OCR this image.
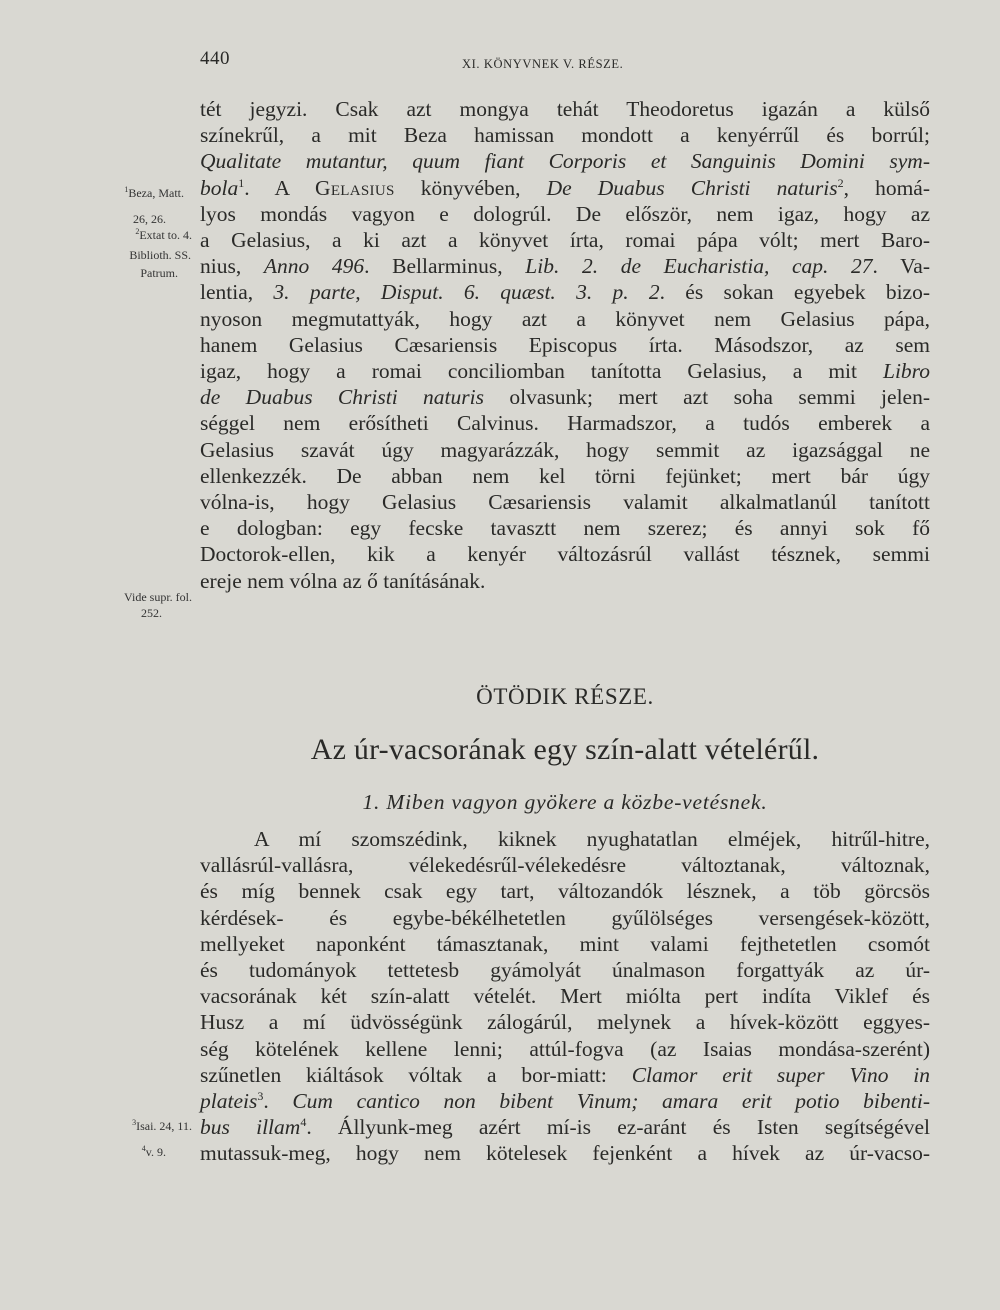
440	XI. KÖNYVNEK V. RÉSZE.
$^1$Beza, Matt.
26, 26.
$^2$Extat to. 4.
Biblioth. SS.
Patrum.
Vide supr. fol.
252.
$^3$Isai. 24, 11.
$^4$v. 9.

tét jegyzi. Csak azt mongya tehát Theodoretus igazán a külső

színekrűl, a mit Beza hamissan mondott a kenyérrűl és borrúl;

Qualitate mutantur, quum fiant Corporis et Sanguinis Domini sym-

bola$^1$. A Gelasius könyvében, De Duabus Christi naturis$^2$, homá-

lyos mondás vagyon e dologrúl. De először, nem igaz, hogy az

a Gelasius, a ki azt a könyvet írta, romai pápa vólt; mert Baro-

nius, Anno 496. Bellarminus, Lib. 2. de Eucharistia, cap. 27. Va-

lentia, 3. parte, Disput. 6. quæst. 3. p. 2. és sokan egyebek bizo-

nyoson megmutattyák, hogy azt a könyvet nem Gelasius pápa,

hanem Gelasius Cæsariensis Episcopus írta. Másodszor, az sem

igaz, hogy a romai conciliomban tanította Gelasius, a mit Libro

de Duabus Christi naturis olvasunk; mert azt soha semmi jelen-

séggel nem erősítheti Calvinus. Harmadszor, a tudós emberek a

Gelasius szavát úgy magyarázzák, hogy semmit az igazsággal ne

ellenkezzék. De abban nem kel törni fejünket; mert bár úgy

vólna-is, hogy Gelasius Cæsariensis valamit alkalmatlanúl tanított

e dologban: egy fecske tavasztt nem szerez; és annyi sok fő

Doctorok-ellen, kik a kenyér változásrúl vallást tésznek, semmi

ereje nem vólna az ő tanításának.

ÖTÖDIK RÉSZE.
Az úr-vacsorának egy szín-alatt vételérűl.
1. Miben vagyon gyökere a közbe-vetésnek.

A mí szomszédink, kiknek nyughatatlan elméjek, hitrűl-hitre,

vallásrúl-vallásra, vélekedésrűl-vélekedésre változtanak, változnak,

és míg bennek csak egy tart, változandók lésznek, a töb görcsös

kérdések- és egybe-békélhetetlen gyűlölséges versengések-között,

mellyeket naponként támasztanak, mint valami fejthetetlen csomót

és tudományok tettetesb gyámolyát únalmason forgattyák az úr-

vacsorának két szín-alatt vételét. Mert miólta pert indíta Viklef és

Husz a mí üdvösségünk zálogárúl, melynek a hívek-között eggyes-

ség kötelének kellene lenni; attúl-fogva (az Isaias mondása-szerént)

szűnetlen kiáltások vóltak a bor-miatt: Clamor erit super Vino in

plateis$^3$. Cum cantico non bibent Vinum; amara erit potio bibenti-

bus illam$^4$. Állyunk-meg azért mí-is ez-aránt és Isten segítségével

mutassuk-meg, hogy nem kötelesek fejenként a hívek az úr-vacso-
